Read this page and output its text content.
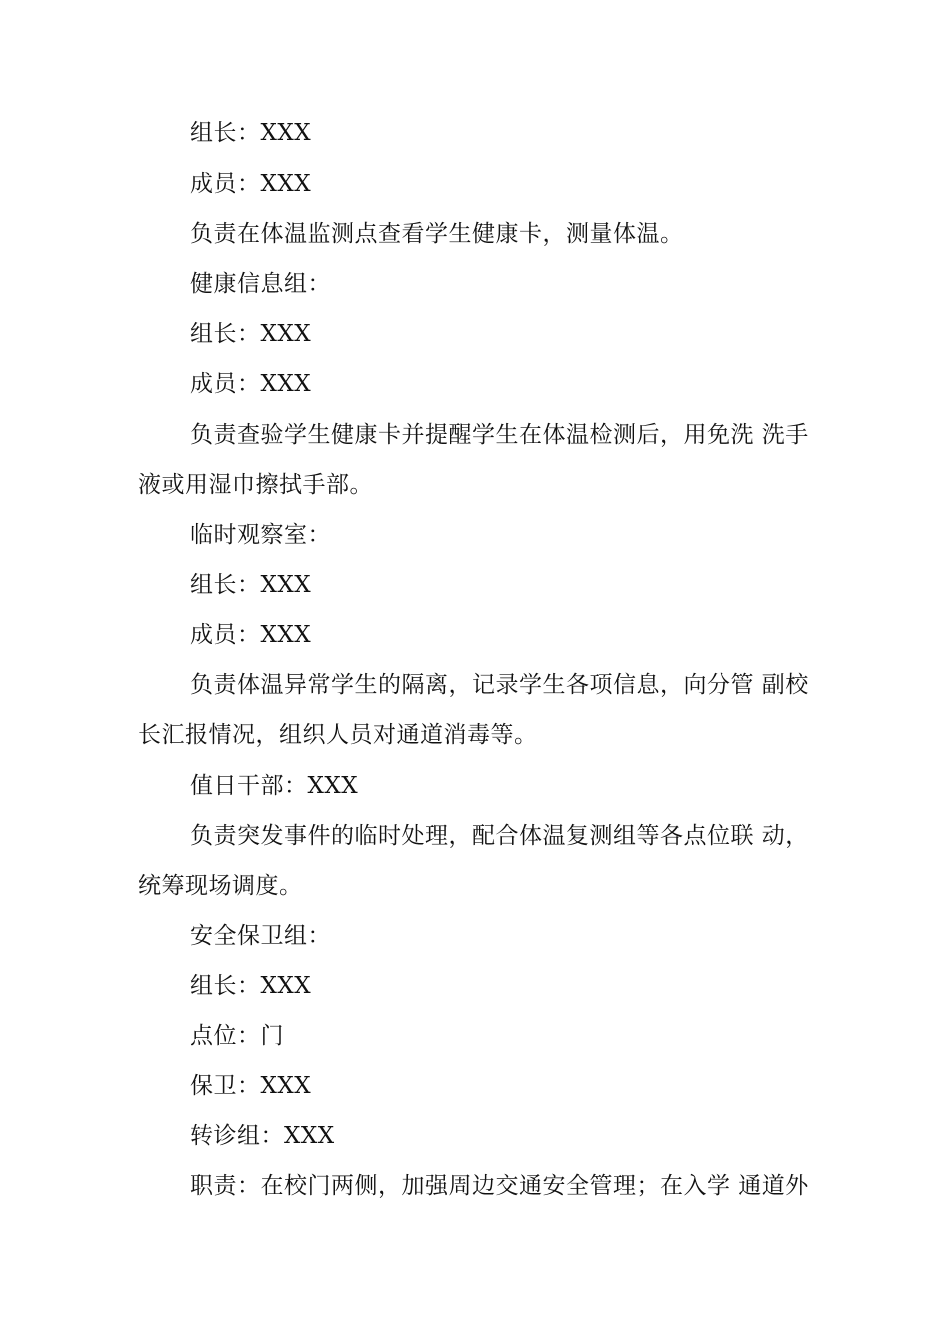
组长：XXX
成员：XXX
负责在体温监测点查看学生健康卡，测量体温。
健康信息组：
组长：XXX
成员：XXX
负责查验学生健康卡并提醒学生在体温检测后，用免洗 洗手
液或用湿巾擦拭手部。
临时观察室：
组长：XXX
成员：XXX
负责体温异常学生的隔离，记录学生各项信息，向分管 副校
长汇报情况，组织人员对通道消毒等。
值日干部：XXX
负责突发事件的临时处理，配合体温复测组等各点位联 动，
统筹现场调度。
安全保卫组：
组长：XXX
点位：门
保卫：XXX
转诊组：XXX
职责：在校门两侧，加强周边交通安全管理；在入学 通道外
